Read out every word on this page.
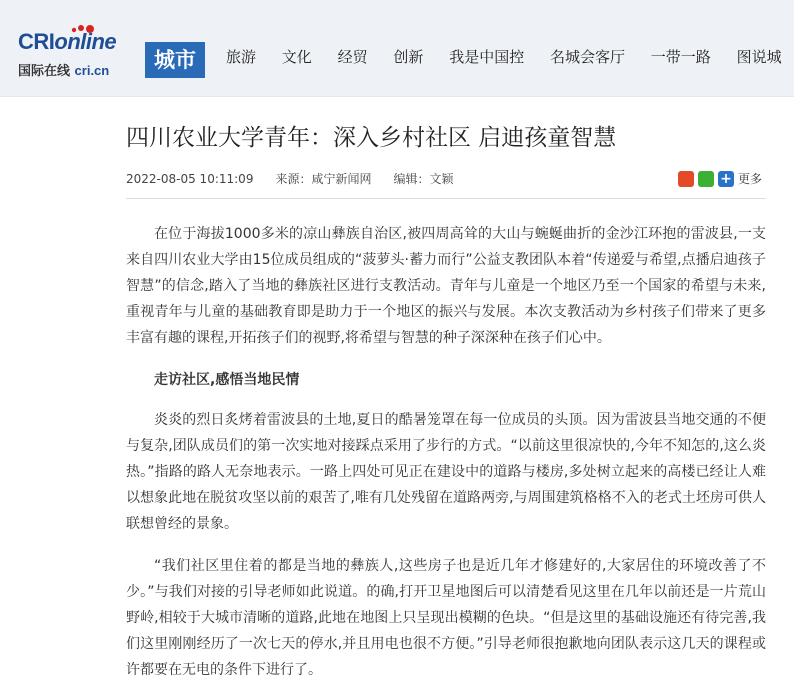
CRIonline
国际在线 cri.cn	城市	旅游 文化 经贸 创新 我是中国控 名城会客厅 一带一路 图说城
四川农业大学青年：深入乡村社区 启迪孩童智慧
2022-08-05 10:11:09 来源：咸宁新闻网 编辑：文颖	+ 更多

在位于海拔1000多米的凉山彝族自治区,被四周高耸的大山与蜿蜒曲折的金沙江环抱的雷波县,一支来自四川农业大学由15位成员组成的“菠萝头·蓄力而行”公益支教团队本着“传递爱与希望,点播启迪孩子智慧”的信念,踏入了当地的彝族社区进行支教活动。青年与儿童是一个地区乃至一个国家的希望与未来,重视青年与儿童的基础教育即是助力于一个地区的振兴与发展。本次支教活动为乡村孩子们带来了更多丰富有趣的课程,开拓孩子们的视野,将希望与智慧的种子深深种在孩子们心中。

走访社区,感悟当地民情

炎炎的烈日炙烤着雷波县的土地,夏日的酷暑笼罩在每一位成员的头顶。因为雷波县当地交通的不便与复杂,团队成员们的第一次实地对接踩点采用了步行的方式。“以前这里很凉快的,今年不知怎的,这么炎热。”指路的路人无奈地表示。一路上四处可见正在建设中的道路与楼房,多处树立起来的高楼已经让人难以想象此地在脱贫攻坚以前的艰苦了,唯有几处残留在道路两旁,与周围建筑格格不入的老式土坯房可供人联想曾经的景象。

“我们社区里住着的都是当地的彝族人,这些房子也是近几年才修建好的,大家居住的环境改善了不少。”与我们对接的引导老师如此说道。的确,打开卫星地图后可以清楚看见这里在几年以前还是一片荒山野岭,相较于大城市清晰的道路,此地在地图上只呈现出模糊的色块。“但是这里的基础设施还有待完善,我们这里刚刚经历了一次七天的停水,并且用电也很不方便。”引导老师很抱歉地向团队表示这几天的课程或许都要在无电的条件下进行了。
